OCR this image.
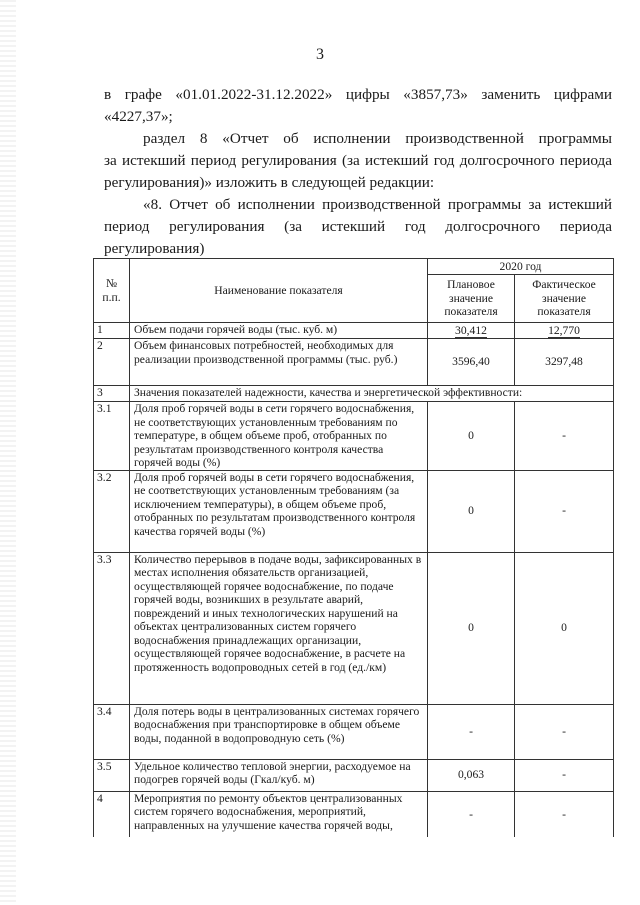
3
в графе «01.01.2022-31.12.2022» цифры «3857,73» заменить цифрами
«4227,37»;
раздел 8 «Отчет об исполнении производственной программы
за истекший период регулирования (за истекший год долгосрочного периода
регулирования)» изложить в следующей редакции:
«8. Отчет об исполнении производственной программы за истекший
период регулирования (за истекший год долгосрочного периода
регулирования)
№ п.п.	Наименование показателя	2020 год	
		Плановое значение показателя	Фактическое значение показателя
1	Объем подачи горячей воды (тыс. куб. м)	30,412	12,770
2	Объем финансовых потребностей, необходимых для реализации производственной программы (тыс. руб.)	3596,40	3297,48
3	Значения показателей надежности, качества и энергетической эффективности:		
3.1	Доля проб горячей воды в сети горячего водоснабжения, не соответствующих установленным требованиям по температуре, в общем объеме проб, отобранных по результатам производственного контроля качества горячей воды (%)	0	-
3.2	Доля проб горячей воды в сети горячего водоснабжения, не соответствующих установленным требованиям (за исключением температуры), в общем объеме проб, отобранных по результатам производственного контроля качества горячей воды (%)	0	-
3.3	Количество перерывов в подаче воды, зафиксированных в местах исполнения обязательств организацией, осуществляющей горячее водоснабжение, по подаче горячей воды, возникших в результате аварий, повреждений и иных технологических нарушений на объектах централизованных систем горячего водоснабжения принадлежащих организации, осуществляющей горячее водоснабжение, в расчете на протяженность водопроводных сетей в год (ед./км)	0	0
3.4	Доля потерь воды в централизованных системах горячего водоснабжения при транспортировке в общем объеме воды, поданной в водопроводную сеть (%)	-	-
3.5	Удельное количество тепловой энергии, расходуемое на подогрев горячей воды (Гкал/куб. м)	0,063	-
4	Мероприятия по ремонту объектов централизованных систем горячего водоснабжения, мероприятий, направленных на улучшение качества горячей воды,	-	-
